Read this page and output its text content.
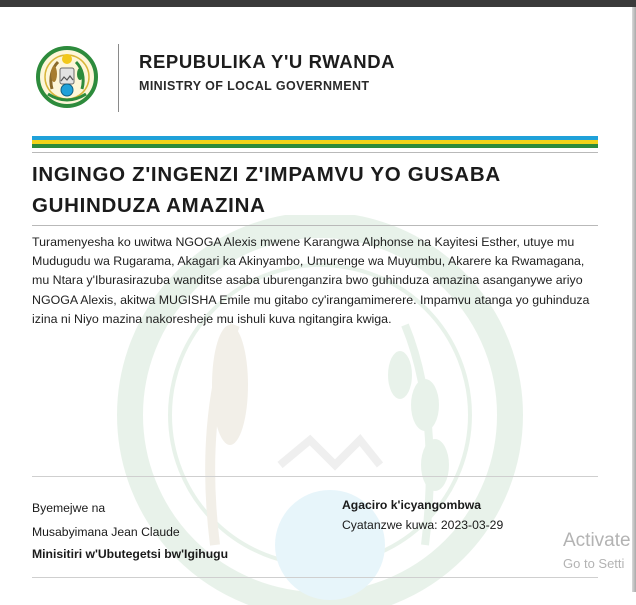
REPUBULIKA Y'U RWANDA
MINISTRY OF LOCAL GOVERNMENT
INGINGO Z'INGENZI Z'IMPAMVU YO GUSABA
GUHINDUZA AMAZINA
Turamenyesha ko uwitwa NGOGA Alexis mwene Karangwa Alphonse na Kayitesi Esther, utuye mu Mudugudu wa Rugarama, Akagari ka Akinyambo, Umurenge wa Muyumbu, Akarere ka Rwamagana, mu Ntara y'Iburasirazuba wanditse asaba uburenganzira bwo guhinduza amazina asanganywe ariyo NGOGA Alexis, akitwa MUGISHA Emile mu gitabo cy'irangamimerere. Impamvu atanga yo guhinduza izina ni Niyo mazina nakoresheje mu ishuli kuva ngitangira kwiga.
Byemejwe na
Musabyimana Jean Claude
Minisitiri w'Ubutegetsi bw'Igihugu
Agaciro k'icyangombwa
Cyatanzwe kuwa: 2023-03-29
Activate
Go to Setti
